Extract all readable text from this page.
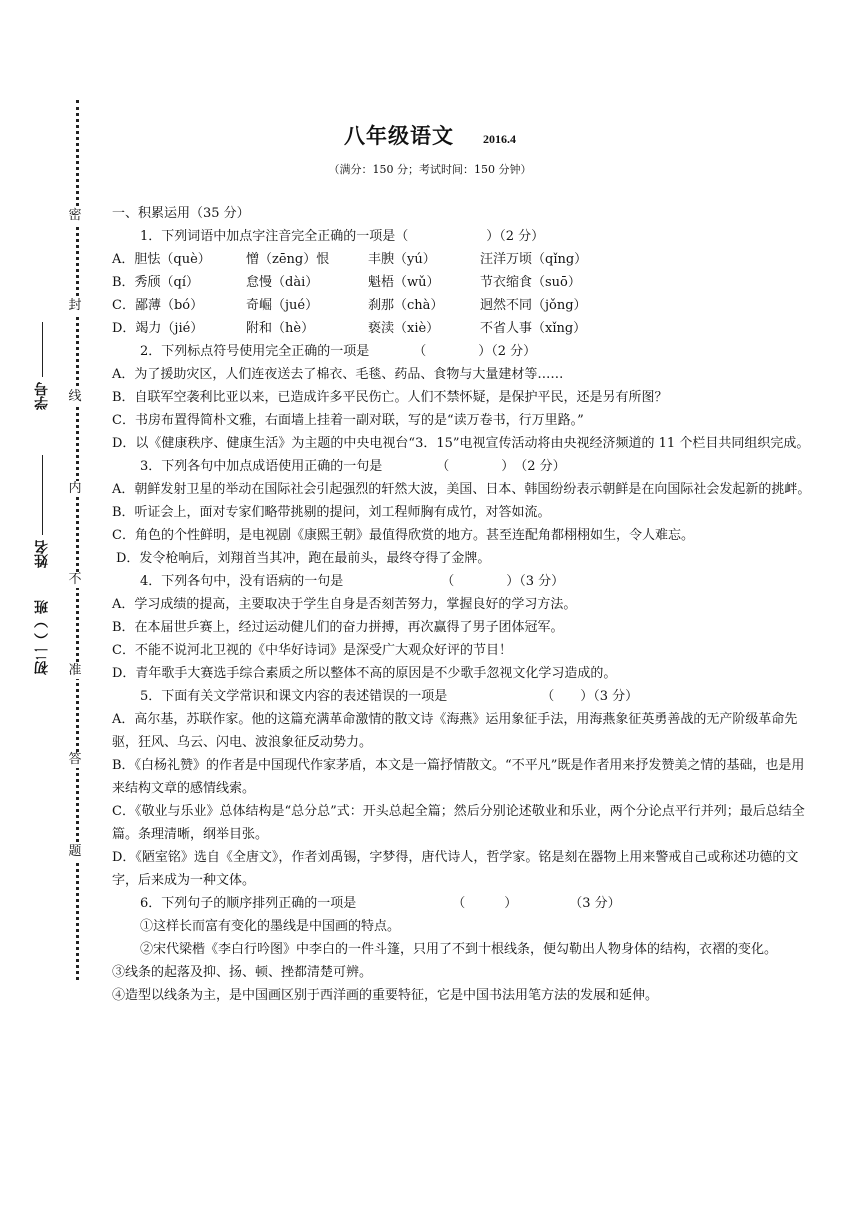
密
封
线
内
不
准
答
题
学号
姓名
初二（ ）班
八年级语文 2016.4
（满分：150 分；考试时间：150 分钟）

一、积累运用（35 分）

1．下列词语中加点字注音完全正确的一项是（	）（2 分）

A．胆怯（què）	憎（zēng）恨	丰腴（yú）	汪洋万顷（qǐng）
B．秀颀（qí）	怠慢（dài）	魁梧（wǔ）	节衣缩食（suō）
C．鄙薄（bó）	奇崛（jué）	刹那（chà）	迥然不同（jǒng）
D．竭力（jié）	附和（hè）	亵渎（xiè）	不省人事（xǐng）

2．下列标点符号使用完全正确的一项是	（　　　　）（2 分）

A．为了援助灾区，人们连夜送去了棉衣、毛毯、药品、食物与大量建材等……

B．自联军空袭利比亚以来，已造成许多平民伤亡。人们不禁怀疑，是保护平民，还是另有所图？

C．书房布置得简朴文雅，右面墙上挂着一副对联，写的是“读万卷书，行万里路。”

D．以《健康秩序、健康生活》为主题的中央电视台“3．15”电视宣传活动将由央视经济频道的 11 个栏目共同组织完成。

3．下列各句中加点成语使用正确的一句是	（　　　　）　（2 分）

A．朝鲜发射卫星的举动在国际社会引起强烈的轩然大波，美国、日本、韩国纷纷表示朝鲜是在向国际社会发起新的挑衅。

B．听证会上，面对专家们略带挑剔的提问，刘工程师胸有成竹，对答如流。

C．角色的个性鲜明，是电视剧《康熙王朝》最值得欣赏的地方。甚至连配角都栩栩如生，令人难忘。

D．发令枪响后，刘翔首当其冲，跑在最前头，最终夺得了金牌。

4．下列各句中，没有语病的一句是	（　　　　）（3 分）

A．学习成绩的提高，主要取决于学生自身是否刻苦努力，掌握良好的学习方法。

B．在本届世乒赛上，经过运动健儿们的奋力拼搏，再次赢得了男子团体冠军。

C．不能不说河北卫视的《中华好诗词》是深受广大观众好评的节目！

D．青年歌手大赛选手综合素质之所以整体不高的原因是不少歌手忽视文化学习造成的。

5．下面有关文学常识和课文内容的表述错误的一项是	（　　）（3 分）

A．高尔基，苏联作家。他的这篇充满革命激情的散文诗《海燕》运用象征手法，用海燕象征英勇善战的无产阶级革命先驱，狂风、乌云、闪电、波浪象征反动势力。

B．《白杨礼赞》的作者是中国现代作家茅盾，本文是一篇抒情散文。“不平凡”既是作者用来抒发赞美之情的基础，也是用来结构文章的感情线索。

C．《敬业与乐业》总体结构是“总分总”式：开头总起全篇；然后分别论述敬业和乐业，两个分论点平行并列；最后总结全篇。条理清晰，纲举目张。

D．《陋室铭》选自《全唐文》，作者刘禹锡，字梦得，唐代诗人，哲学家。铭是刻在器物上用来警戒自己或称述功德的文字，后来成为一种文体。

6．下列句子的顺序排列正确的一项是	（　　　）　　　　　（3 分）

①这样长而富有变化的墨线是中国画的特点。

②宋代梁楷《李白行吟图》中李白的一件斗篷，只用了不到十根线条，便勾勒出人物身体的结构，衣褶的变化。

③线条的起落及抑、扬、顿、挫都清楚可辨。

④造型以线条为主，是中国画区别于西洋画的重要特征，它是中国书法用笔方法的发展和延伸。
